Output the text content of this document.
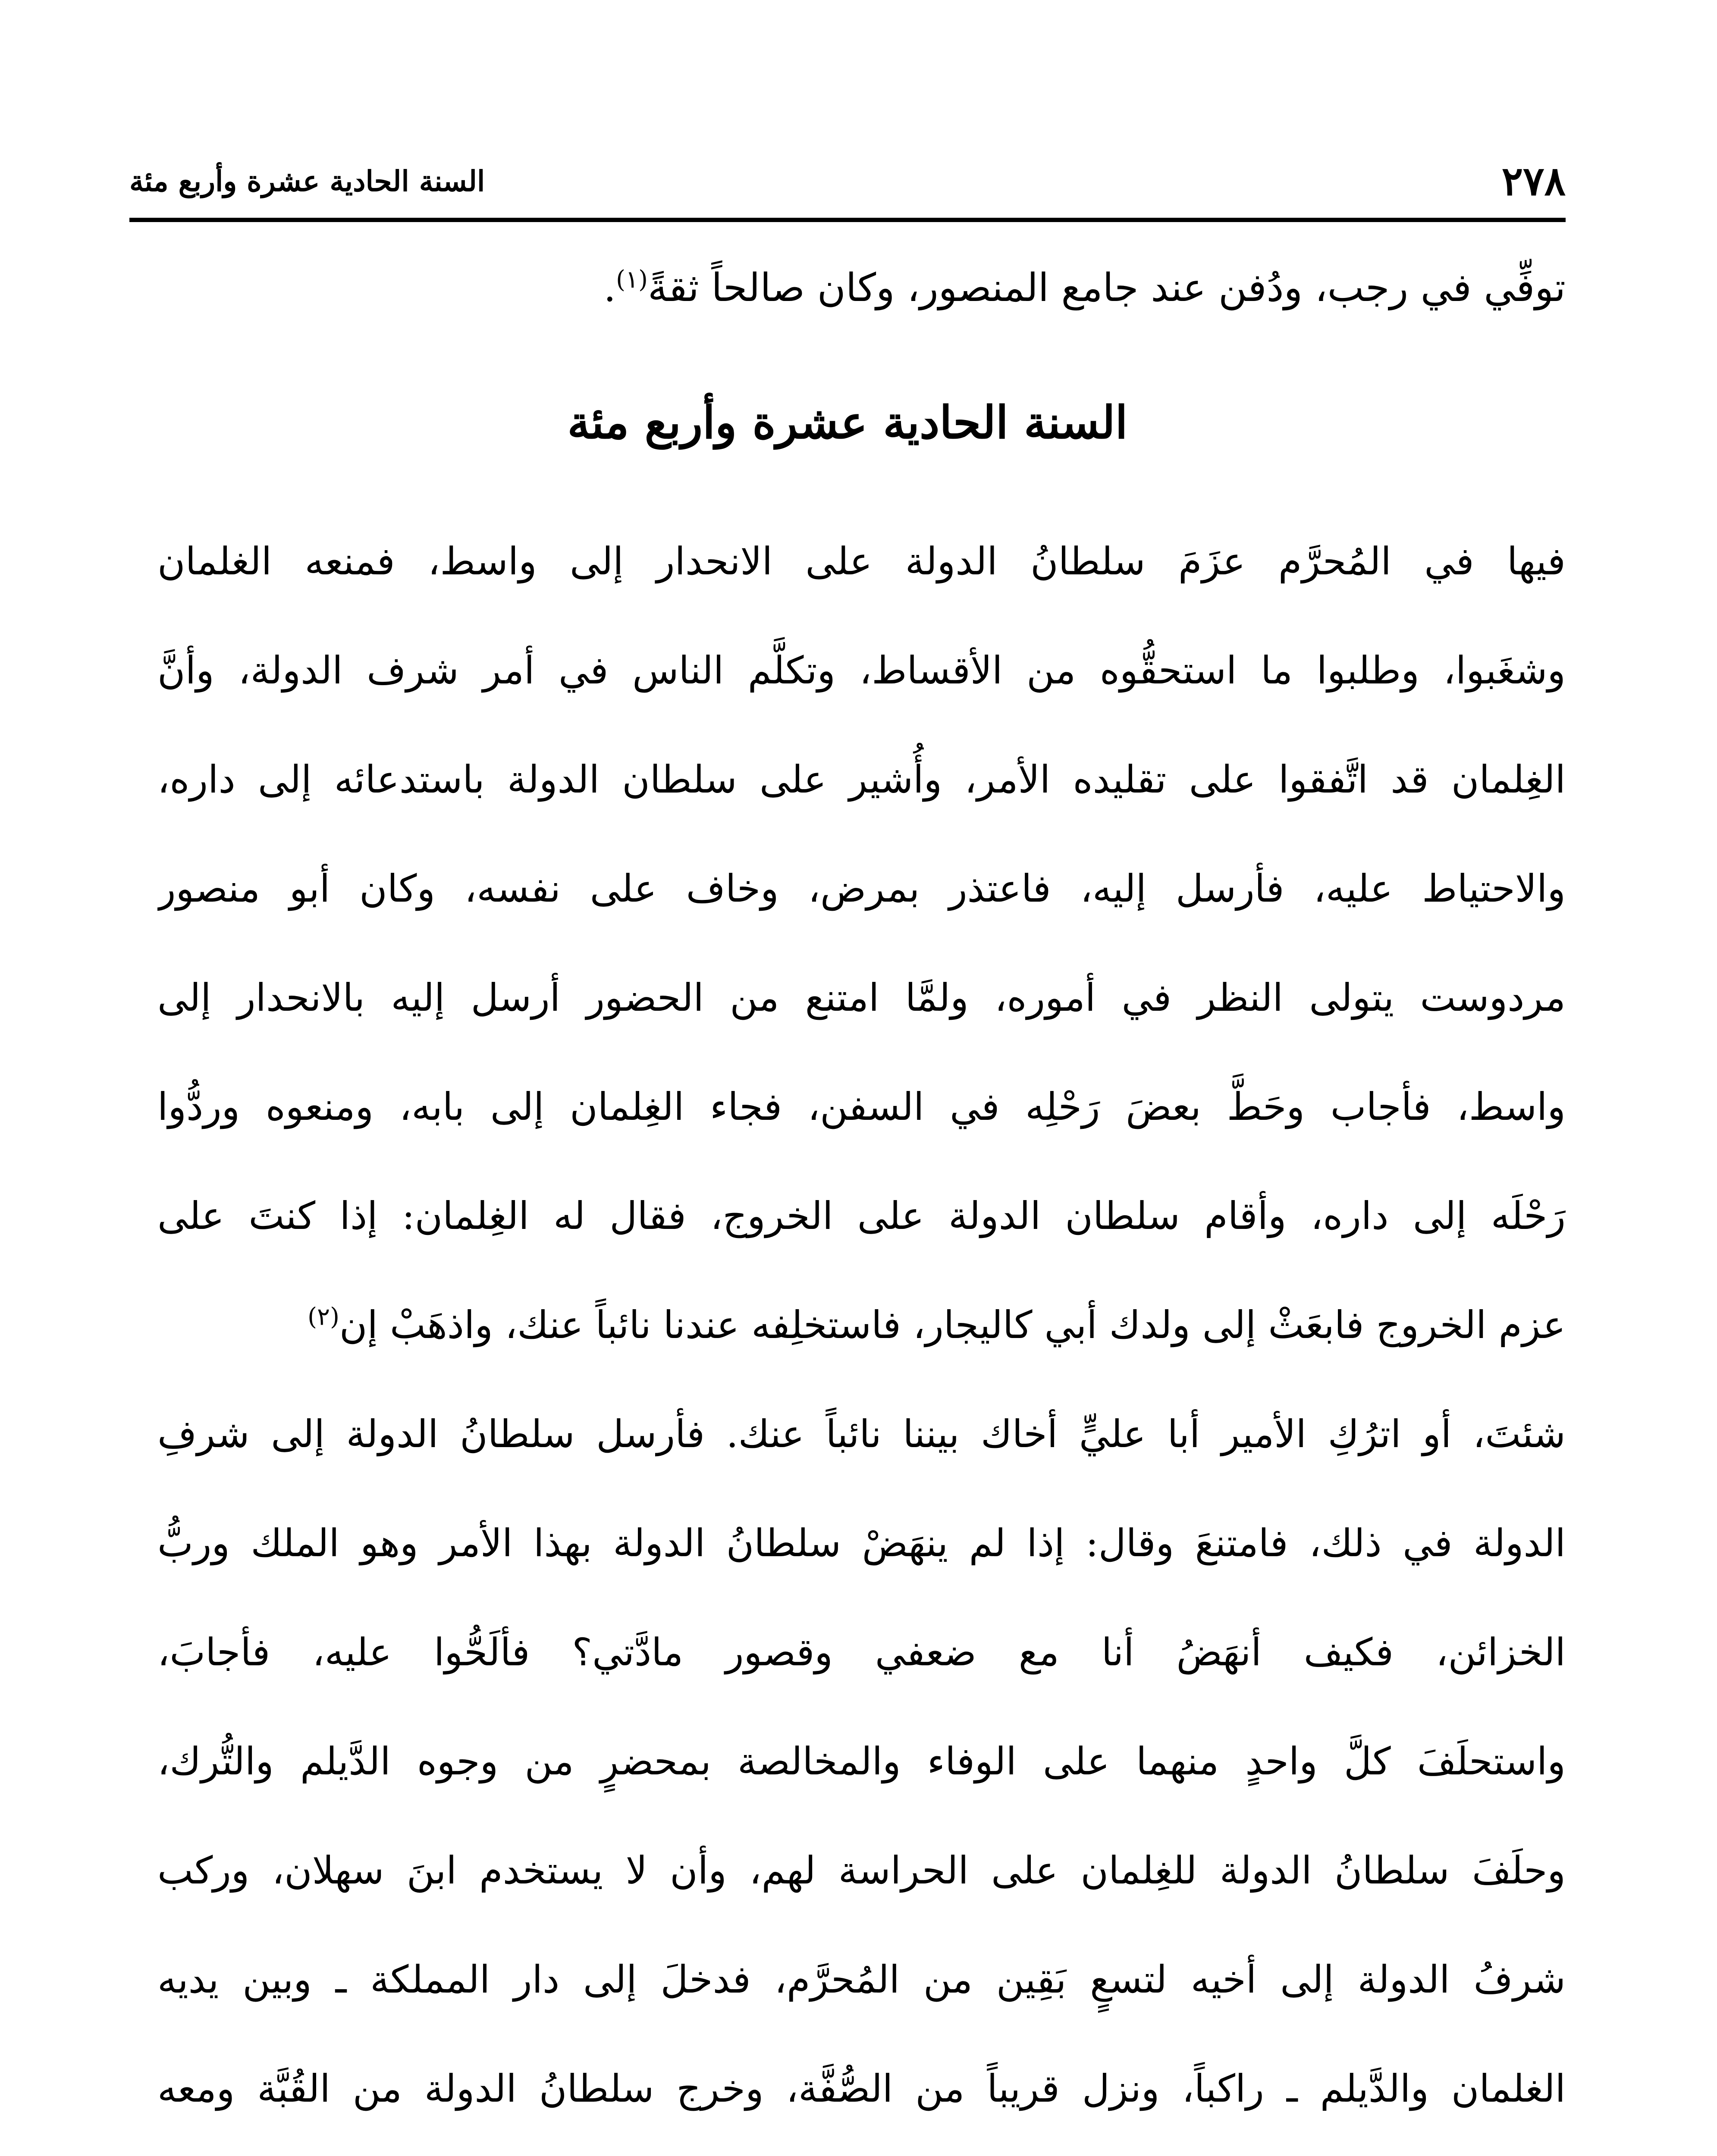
٢٧٨
السنة الحادية عشرة وأربع مئة
توفِّي في رجب، ودُفن عند جامع المنصور، وكان صالحاً ثقةً$^{(١)}$.
السنة الحادية عشرة وأربع مئة
فيها في المُحرَّم عزَمَ سلطانُ الدولة على الانحدار إلى واسط، فمنعه الغلمان
وشغَبوا، وطلبوا ما استحقُّوه من الأقساط، وتكلَّم الناس في أمر شرف الدولة، وأنَّ
الغِلمان قد اتَّفقوا على تقليده الأمر، وأُشير على سلطان الدولة باستدعائه إلى داره،
والاحتياط عليه، فأرسل إليه، فاعتذر بمرض، وخاف على نفسه، وكان أبو منصور
مردوست يتولى النظر في أموره، ولمَّا امتنع من الحضور أرسل إليه بالانحدار إلى
واسط، فأجاب وحَطَّ بعضَ رَحْلِه في السفن، فجاء الغِلمان إلى بابه، ومنعوه وردُّوا
رَحْلَه إلى داره، وأقام سلطان الدولة على الخروج، فقال له الغِلمان: إذا كنتَ على
عزم الخروج فابعَثْ إلى ولدك أبي كاليجار، فاستخلِفه عندنا نائباً عنك، واذهَبْ إن$^{(٢)}$
شئتَ، أو اترُكِ الأمير أبا عليٍّ أخاك بيننا نائباً عنك. فأرسل سلطانُ الدولة إلى شرفِ
الدولة في ذلك، فامتنعَ وقال: إذا لم ينهَضْ سلطانُ الدولة بهذا الأمر وهو الملك وربُّ
الخزائن، فكيف أنهَضُ أنا مع ضعفي وقصور مادَّتي؟ فألَحُّوا عليه، فأجابَ،
واستحلَفَ كلَّ واحدٍ منهما على الوفاء والمخالصة بمحضرٍ من وجوه الدَّيلم والتُّرك،
وحلَفَ سلطانُ الدولة للغِلمان على الحراسة لهم، وأن لا يستخدم ابنَ سهلان، وركب
شرفُ الدولة إلى أخيه لتسعٍ بَقِين من المُحرَّم، فدخلَ إلى دار المملكة ـ وبين يديه
الغلمان والدَّيلم ـ راكباً، ونزل قريباً من الصُّفَّة، وخرج سلطانُ الدولة من القُبَّة ومعه
